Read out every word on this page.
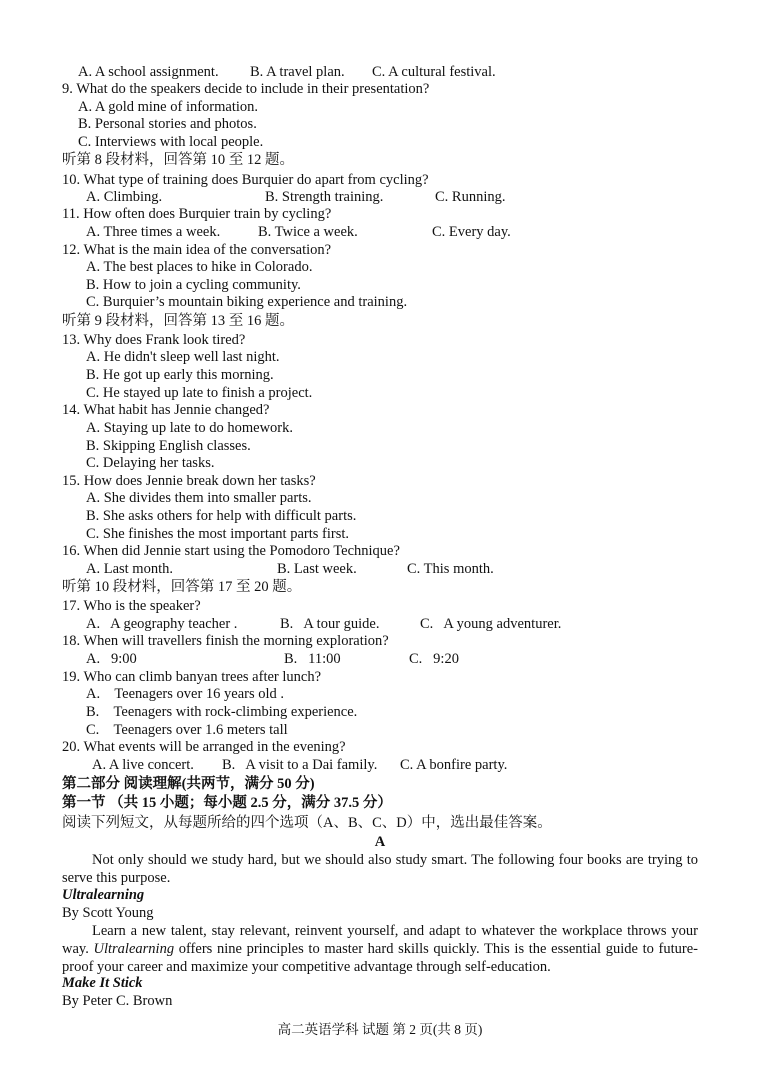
A. A school assignment. B. A travel plan. C. A cultural festival.
9. What do the speakers decide to include in their presentation?
A. A gold mine of information.
B. Personal stories and photos.
C. Interviews with local people.
听第 8 段材料，回答第 10 至 12 题。
10. What type of training does Burquier do apart from cycling?
A. Climbing.	B. Strength training.	C. Running.
11. How often does Burquier train by cycling?
A. Three times a week.	B. Twice a week.	C. Every day.
12. What is the main idea of the conversation?
A. The best places to hike in Colorado.
B. How to join a cycling community.
C. Burquier’s mountain biking experience and training.
听第 9 段材料，回答第 13 至 16 题。
13. Why does Frank look tired?
A. He didn't sleep well last night.
B. He got up early this morning.
C. He stayed up late to finish a project.
14. What habit has Jennie changed?
A. Staying up late to do homework.
B. Skipping English classes.
C. Delaying her tasks.
15. How does Jennie break down her tasks?
A. She divides them into smaller parts.
B. She asks others for help with difficult parts.
C. She finishes the most important parts first.
16. When did Jennie start using the Pomodoro Technique?
A. Last month.	B. Last week.	C. This month.
听第 10 段材料，回答第 17 至 20 题。
17. Who is the speaker?
A.   A geography teacher .	B.   A tour guide.	C.   A young adventurer.
18. When will travellers finish the morning exploration?
A.   9:00	B.   11:00	C.   9:20
19. Who can climb banyan trees after lunch?
A.    Teenagers over 16 years old .
B.    Teenagers with rock-climbing experience.
C.    Teenagers over 1.6 meters tall
20. What events will be arranged in the evening?
A. A live concert. B.   A visit to a Dai family. C. A bonfire party.
第二部分 阅读理解(共两节，满分 50 分)
第一节 （共 15 小题；每小题 2.5 分，满分 37.5 分）
阅读下列短文，从每题所给的四个选项（A、B、C、D）中，选出最佳答案。
A
Not only should we study hard, but we should also study smart. The following four books are trying to serve this purpose.
Ultralearning
By Scott Young
Learn a new talent, stay relevant, reinvent yourself, and adapt to whatever the workplace throws your way. Ultralearning offers nine principles to master hard skills quickly. This is the essential guide to future-proof your career and maximize your competitive advantage through self-education.
Make It Stick
By Peter C. Brown
高二英语学科 试题 第 2 页(共 8 页)
